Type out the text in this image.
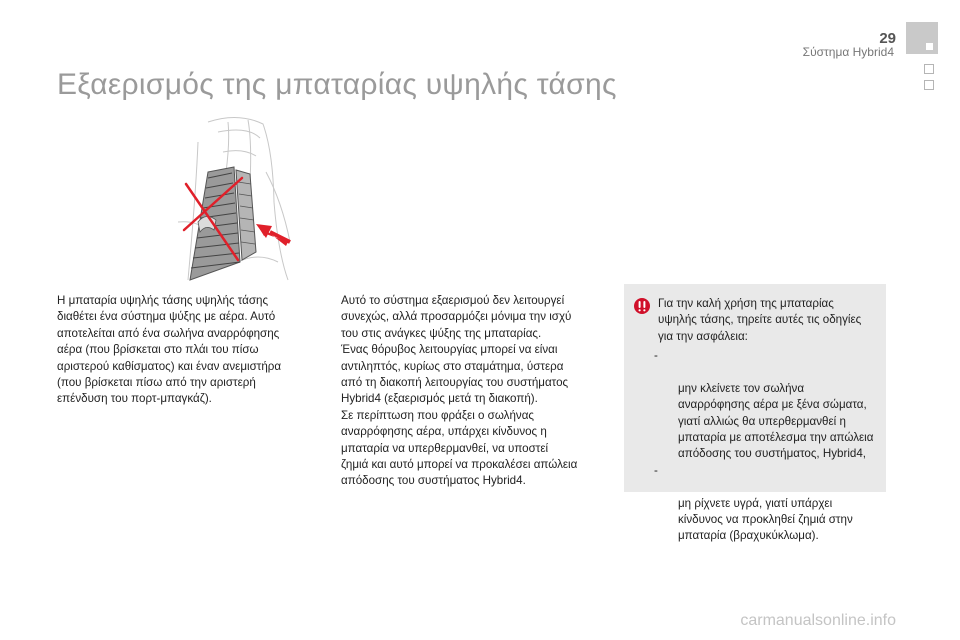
29
Σύστημα Hybrid4
Εξαερισμός της μπαταρίας υψηλής τάσης

Η μπαταρία υψηλής τάσης υψηλής τάσης
διαθέτει ένα σύστημα ψύξης με αέρα. Αυτό
αποτελείται από ένα σωλήνα αναρρόφησης
αέρα (που βρίσκεται στο πλάι του πίσω
αριστερού καθίσματος) και έναν ανεμιστήρα
(που βρίσκεται πίσω από την αριστερή
επένδυση του πορτ-μπαγκάζ).

Αυτό το σύστημα εξαερισμού δεν λειτουργεί
συνεχώς, αλλά προσαρμόζει μόνιμα την ισχύ
του στις ανάγκες ψύξης της μπαταρίας.
Ένας θόρυβος λειτουργίας μπορεί να είναι
αντιληπτός, κυρίως στο σταμάτημα, ύστερα
από τη διακοπή λειτουργίας του συστήματος
Hybrid4 (εξαερισμός μετά τη διακοπή).
Σε περίπτωση που φράξει ο σωλήνας
αναρρόφησης αέρα, υπάρχει κίνδυνος η
μπαταρία να υπερθερμανθεί, να υποστεί
ζημιά και αυτό μπορεί να προκαλέσει απώλεια
απόδοσης του συστήματος Hybrid4.

Για την καλή χρήση της μπαταρίας
υψηλής τάσης, τηρείτε αυτές τις οδηγίες
για την ασφάλεια:

-

μην κλείνετε τον σωλήνα
αναρρόφησης αέρα με ξένα σώματα,
γιατί αλλιώς θα υπερθερμανθεί η
μπαταρία με αποτέλεσμα την απώλεια
απόδοσης του συστήματος, Hybrid4,

-

μη ρίχνετε υγρά, γιατί υπάρχει
κίνδυνος να προκληθεί ζημιά στην
μπαταρία (βραχυκύκλωμα).

carmanualsonline.info
